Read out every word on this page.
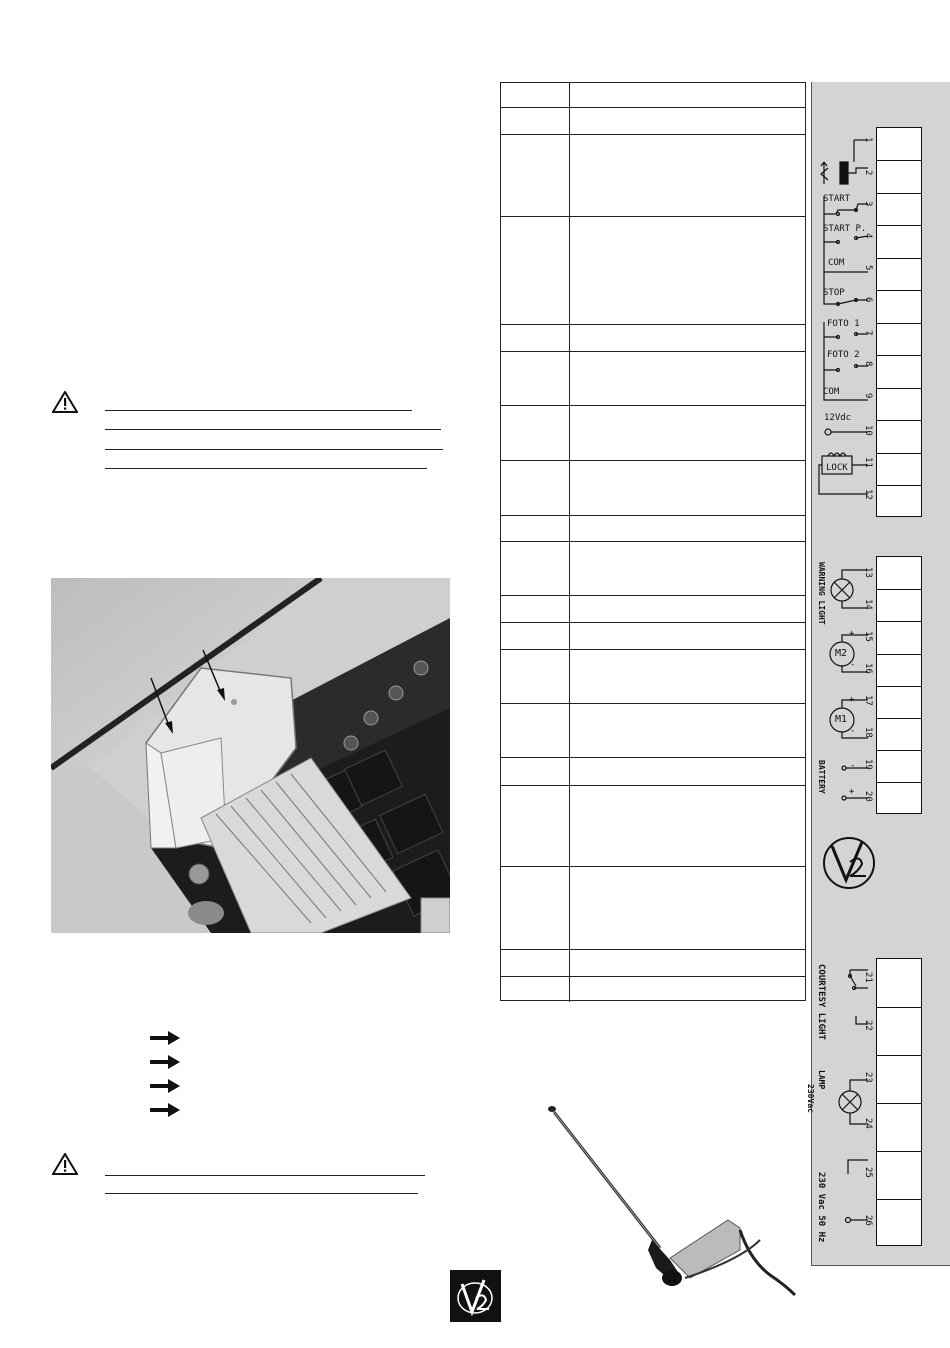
1
2
3
4
5
6
7
8
9
10
11
12
13
14
15
16
17
18
19
20
21
22
23
24
25
26
START
START P.
COM
STOP
FOTO 1
FOTO 2
COM
12Vdc
LOCK
WARNING LIGHT
M2
M1
BATTERY
+
-
+
-
-
+
COURTESY LIGHT
LAMP
230Vac
230 Vac 50 Hz
